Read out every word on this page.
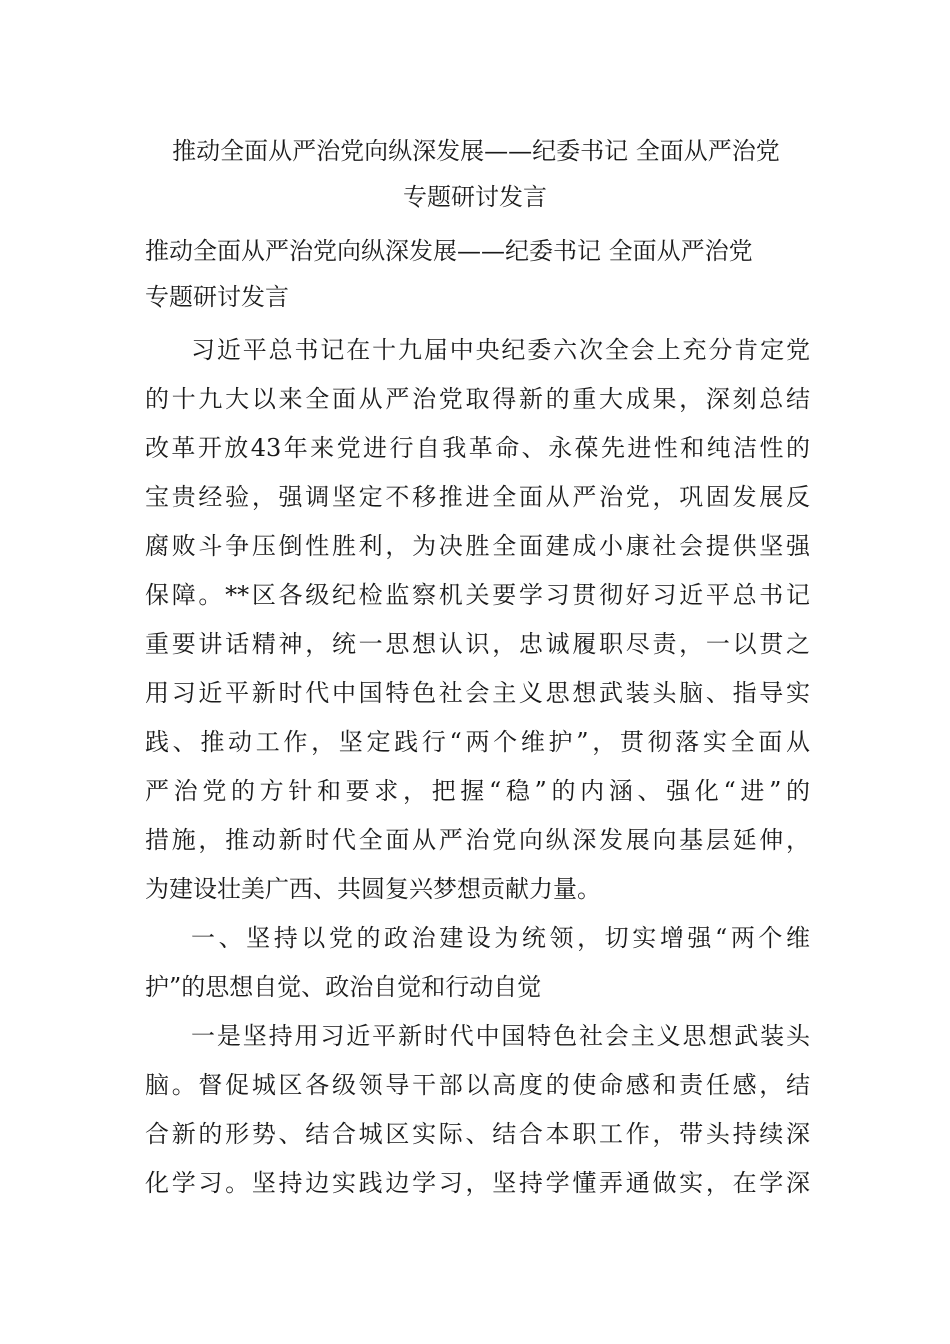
推动全面从严治党向纵深发展——纪委书记 全面从严治党
专题研讨发言
推动全面从严治党向纵深发展——纪委书记 全面从严治党
专题研讨发言

习近平总书记在十九届中央纪委六次全会上充分肯定党
的十九大以来全面从严治党取得新的重大成果，深刻总结
改革开放43年来党进行自我革命、永葆先进性和纯洁性的
宝贵经验，强调坚定不移推进全面从严治党，巩固发展反
腐败斗争压倒性胜利，为决胜全面建成小康社会提供坚强
保障。**区各级纪检监察机关要学习贯彻好习近平总书记
重要讲话精神，统一思想认识，忠诚履职尽责，一以贯之
用习近平新时代中国特色社会主义思想武装头脑、指导实
践、推动工作，坚定践行“两个维护”，贯彻落实全面从
严治党的方针和要求，把握“稳”的内涵、强化“进”的
措施，推动新时代全面从严治党向纵深发展向基层延伸，
为建设壮美广西、共圆复兴梦想贡献力量。

一、坚持以党的政治建设为统领，切实增强“两个维
护”的思想自觉、政治自觉和行动自觉

一是坚持用习近平新时代中国特色社会主义思想武装头
脑。督促城区各级领导干部以高度的使命感和责任感，结
合新的形势、结合城区实际、结合本职工作，带头持续深
化学习。坚持边实践边学习，坚持学懂弄通做实，在学深
